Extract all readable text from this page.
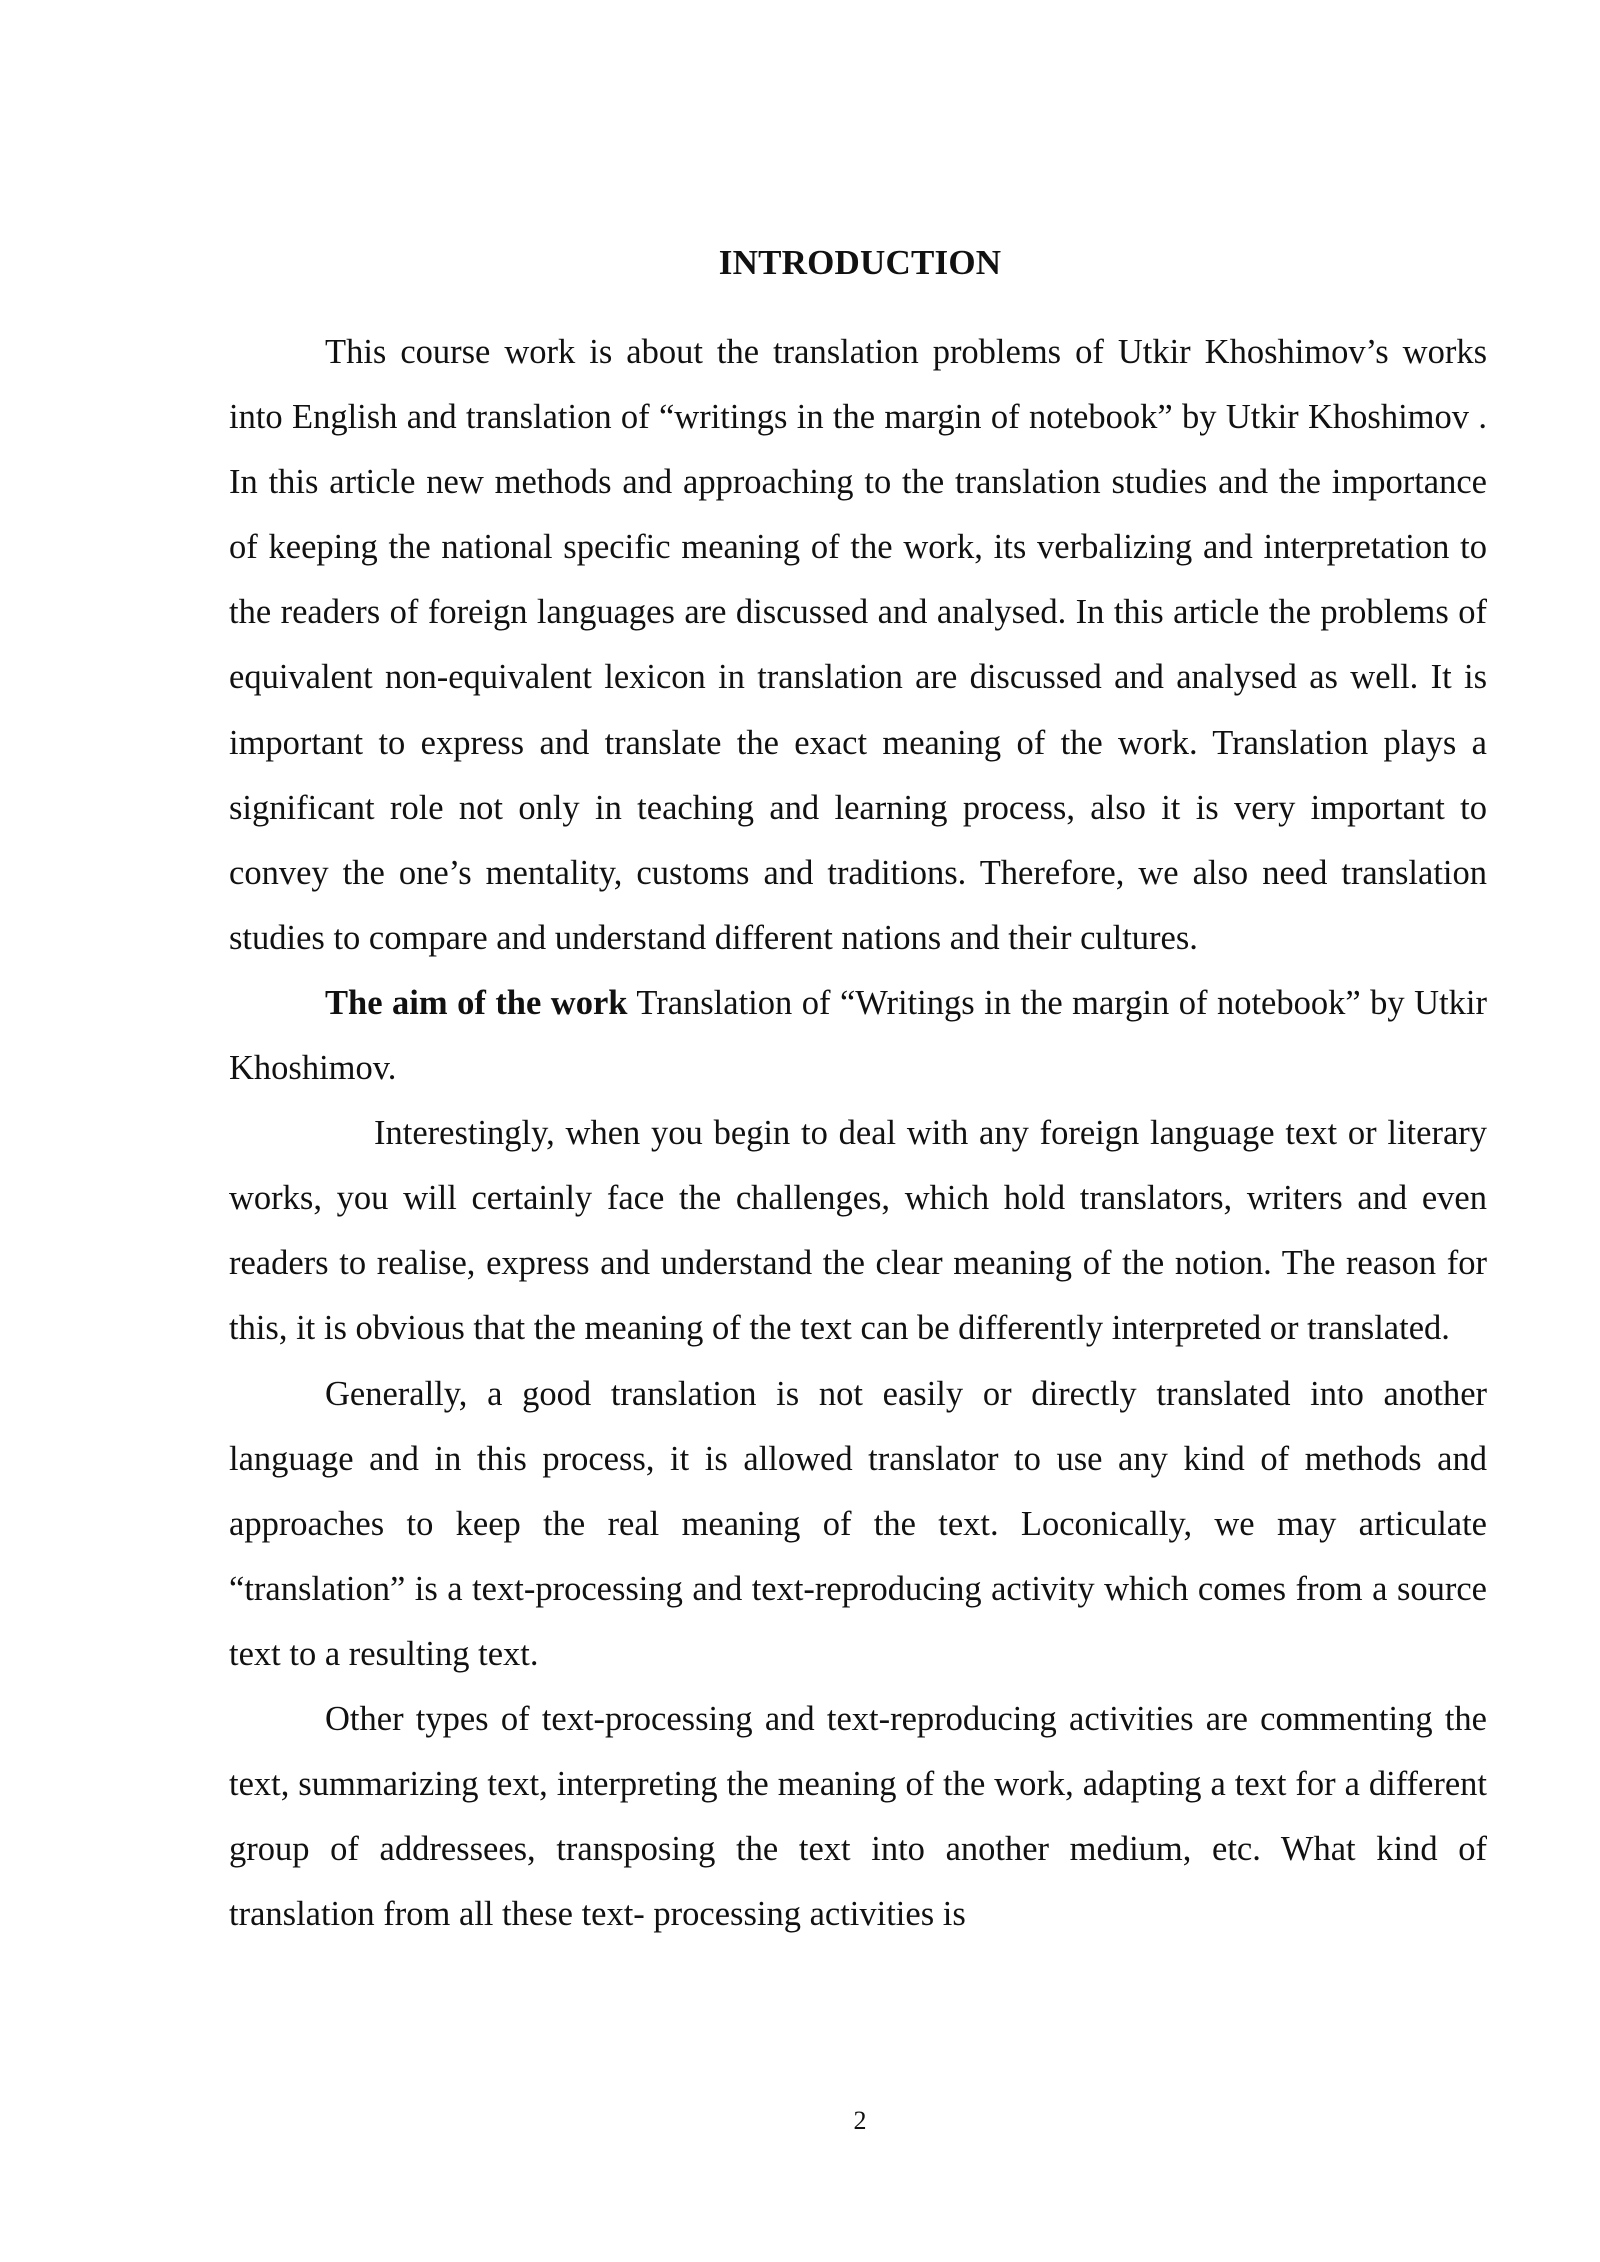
INTRODUCTION

This course work is about the translation problems of Utkir Khoshimov’s works into English and translation of “writings in the margin of notebook” by Utkir Khoshimov . In this article new methods and approaching to the translation studies and the importance of keeping the national specific meaning of the work, its verbalizing and interpretation to the readers of foreign languages are discussed and analysed. In this article the problems of equivalent non-equivalent lexicon in translation are discussed and analysed as well. It is important to express and translate the exact meaning of the work. Translation plays a significant role not only in teaching and learning process, also it is very important to convey the one’s mentality, customs and traditions. Therefore, we also need translation studies to compare and understand different nations and their cultures.

The aim of the work Translation of “Writings in the margin of notebook” by Utkir Khoshimov.

Interestingly, when you begin to deal with any foreign language text or literary works, you will certainly face the challenges, which hold translators, writers and even readers to realise, express and understand the clear meaning of the notion. The reason for this, it is obvious that the meaning of the text can be differently interpreted or translated.

Generally, a good translation is not easily or directly translated into another language and in this process, it is allowed translator to use any kind of methods and approaches to keep the real meaning of the text. Loconically, we may articulate “translation” is a text-processing and text-reproducing activity which comes from a source text to a resulting text.

Other types of text-processing and text-reproducing activities are commenting the text, summarizing text, interpreting the meaning of the work, adapting a text for a different group of addressees, transposing the text into another medium, etc. What kind of translation from all these text- processing activities is

2
